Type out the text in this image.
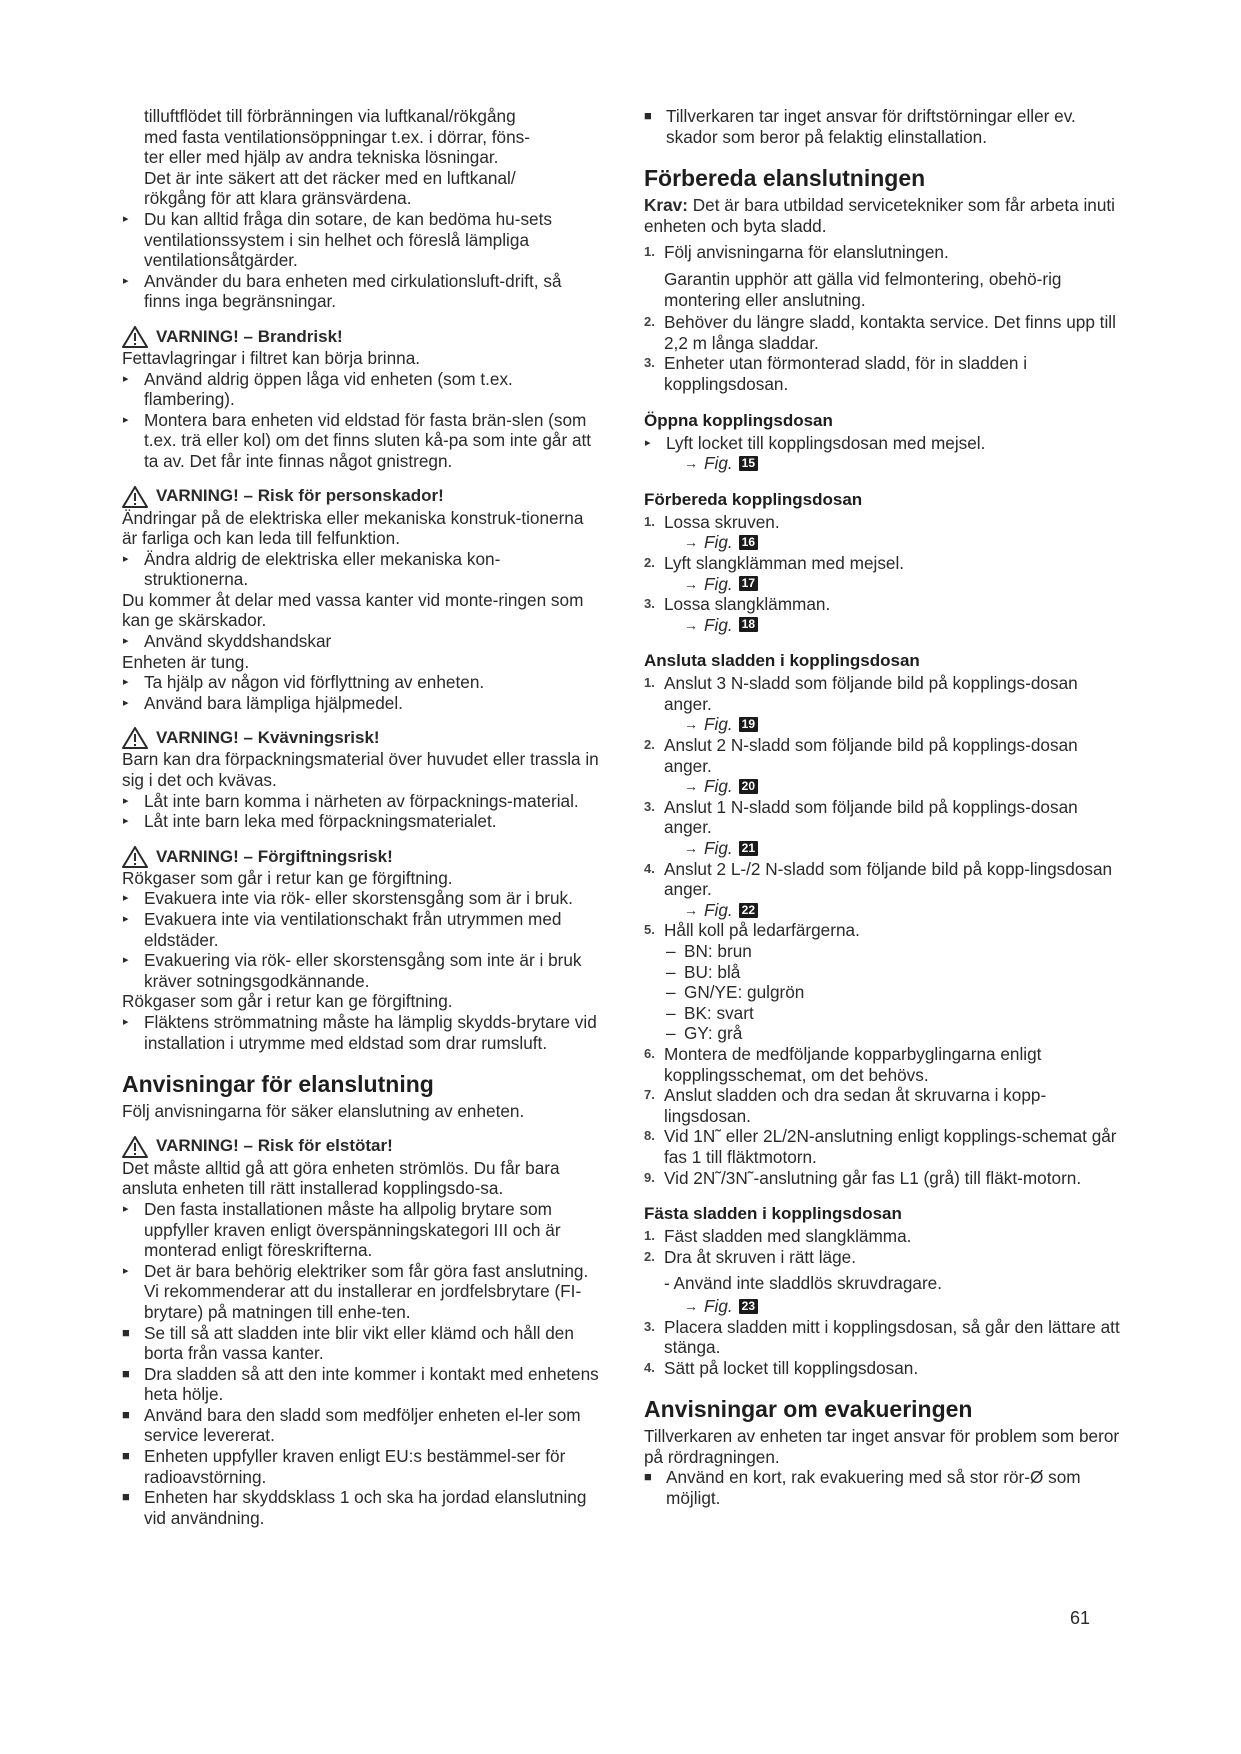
tilluftflödet till förbränningen via luftkanal/rökgång

med fasta ventilationsöppningar t.ex. i dörrar, föns-

ter eller med hjälp av andra tekniska lösningar.

Det är inte säkert att det räcker med en luftkanal/

rökgång för att klara gränsvärdena.

▸ Du kan alltid fråga din sotare, de kan bedöma hu-sets ventilationssystem i sin helhet och föreslå lämpliga ventilationsåtgärder.

▸ Använder du bara enheten med cirkulationsluft-drift, så finns inga begränsningar.

VARNING! – Brandrisk!

Fettavlagringar i filtret kan börja brinna.

▸ Använd aldrig öppen låga vid enheten (som t.ex. flambering).

▸ Montera bara enheten vid eldstad för fasta brän-slen (som t.ex. trä eller kol) om det finns sluten kå-pa som inte går att ta av. Det får inte finnas något gnistregn.

VARNING! – Risk för personskador!

Ändringar på de elektriska eller mekaniska konstruk-tionerna är farliga och kan leda till felfunktion.

▸ Ändra aldrig de elektriska eller mekaniska kon-struktionerna.

Du kommer åt delar med vassa kanter vid monte-ringen som kan ge skärskador.

▸ Använd skyddshandskar

Enheten är tung.

▸ Ta hjälp av någon vid förflyttning av enheten.

▸ Använd bara lämpliga hjälpmedel.

VARNING! – Kvävningsrisk!

Barn kan dra förpackningsmaterial över huvudet eller trassla in sig i det och kvävas.

▸ Låt inte barn komma i närheten av förpacknings-material.

▸ Låt inte barn leka med förpackningsmaterialet.

VARNING! – Förgiftningsrisk!

Rökgaser som går i retur kan ge förgiftning.

▸ Evakuera inte via rök- eller skorstensgång som är i bruk.

▸ Evakuera inte via ventilationschakt från utrymmen med eldstäder.

▸ Evakuering via rök- eller skorstensgång som inte är i bruk kräver sotningsgodkännande.

Rökgaser som går i retur kan ge förgiftning.

▸ Fläktens strömmatning måste ha lämplig skydds-brytare vid installation i utrymme med eldstad som drar rumsluft.

Anvisningar för elanslutning

Följ anvisningarna för säker elanslutning av enheten.

VARNING! – Risk för elstötar!

Det måste alltid gå att göra enheten strömlös. Du får bara ansluta enheten till rätt installerad kopplingsdo-sa.

▸ Den fasta installationen måste ha allpolig brytare som uppfyller kraven enligt överspänningskategori III och är monterad enligt föreskrifterna.

▸ Det är bara behörig elektriker som får göra fast anslutning. Vi rekommenderar att du installerar en jordfelsbrytare (FI-brytare) på matningen till enhe-ten.

■ Se till så att sladden inte blir vikt eller klämd och håll den borta från vassa kanter.

■ Dra sladden så att den inte kommer i kontakt med enhetens heta hölje.

■ Använd bara den sladd som medföljer enheten el-ler som service levererat.

■ Enheten uppfyller kraven enligt EU:s bestämmel-ser för radioavstörning.

■ Enheten har skyddsklass 1 och ska ha jordad elanslutning vid användning.

■ Tillverkaren tar inget ansvar för driftstörningar eller ev. skador som beror på felaktig elinstallation.

Förbereda elanslutningen

Krav: Det är bara utbildad servicetekniker som får arbeta inuti enheten och byta sladd.

1. Följ anvisningarna för elanslutningen.

Garantin upphör att gälla vid felmontering, obehö-rig montering eller anslutning.

2. Behöver du längre sladd, kontakta service. Det finns upp till 2,2 m långa sladdar.

3. Enheter utan förmonterad sladd, för in sladden i kopplingsdosan.

Öppna kopplingsdosan

▸ Lyft locket till kopplingsdosan med mejsel.

→ Fig. 15

Förbereda kopplingsdosan

1. Lossa skruven.

→ Fig. 16

2. Lyft slangklämman med mejsel.

→ Fig. 17

3. Lossa slangklämman.

→ Fig. 18

Ansluta sladden i kopplingsdosan

1. Anslut 3 N-sladd som följande bild på kopplings-dosan anger.

→ Fig. 19

2. Anslut 2 N-sladd som följande bild på kopplings-dosan anger.

→ Fig. 20

3. Anslut 1 N-sladd som följande bild på kopplings-dosan anger.

→ Fig. 21

4. Anslut 2 L-/2 N-sladd som följande bild på kopp-lingsdosan anger.

→ Fig. 22

5. Håll koll på ledarfärgerna.

– BN: brun

– BU: blå

– GN/YE: gulgrön

– BK: svart

– GY: grå

6. Montera de medföljande kopparbyglingarna enligt kopplingsschemat, om det behövs.

7. Anslut sladden och dra sedan åt skruvarna i kopp-lingsdosan.

8. Vid 1N˜ eller 2L/2N-anslutning enligt kopplings-schemat går fas 1 till fläktmotorn.

9. Vid 2N˜/3N˜-anslutning går fas L1 (grå) till fläkt-motorn.

Fästa sladden i kopplingsdosan

1. Fäst sladden med slangklämma.

2. Dra åt skruven i rätt läge.

- Använd inte sladdlös skruvdragare.

→ Fig. 23

3. Placera sladden mitt i kopplingsdosan, så går den lättare att stänga.

4. Sätt på locket till kopplingsdosan.

Anvisningar om evakueringen

Tillverkaren av enheten tar inget ansvar för problem som beror på rördragningen.

■ Använd en kort, rak evakuering med så stor rör-Ø som möjligt.

61
